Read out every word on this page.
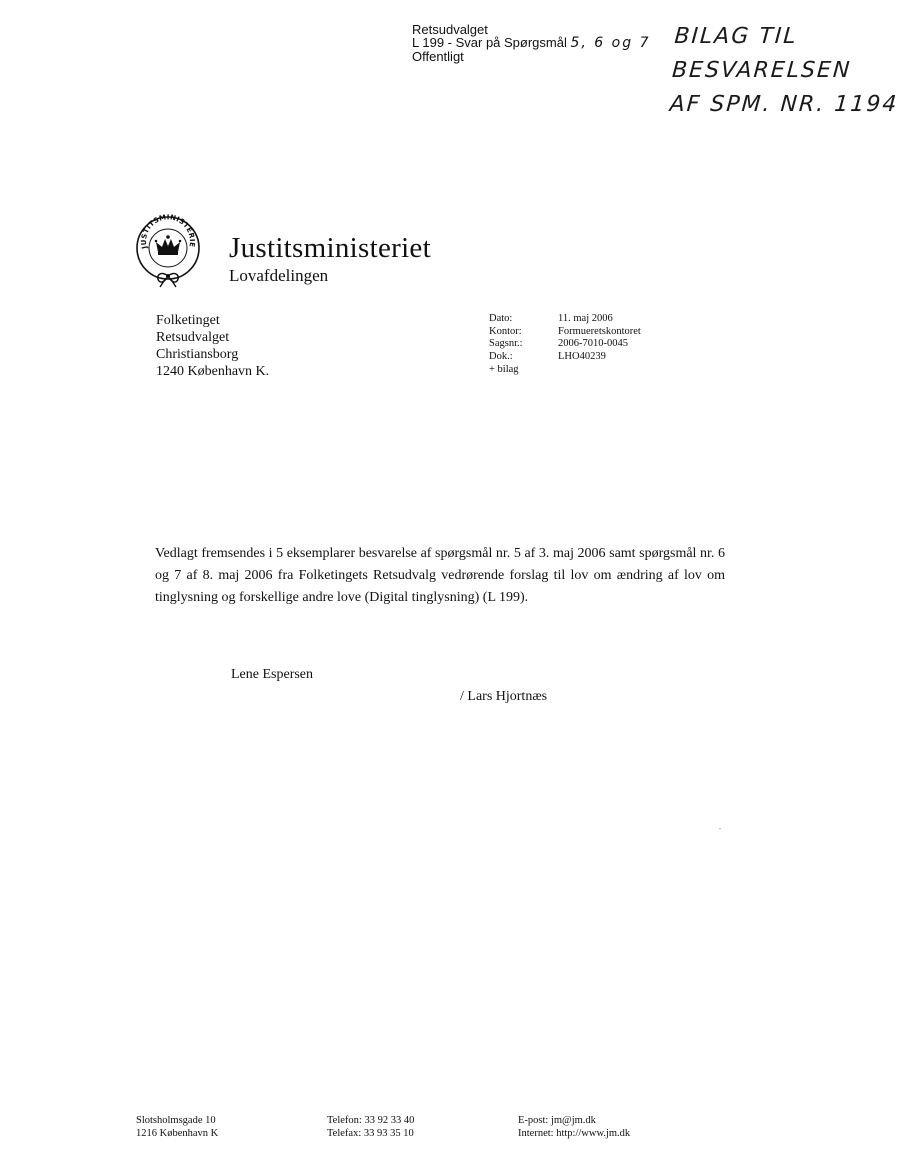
Retsudvalget
L 199 - Svar på Spørgsmål 5, 6 og 7
Offentligt
BILAG TIL
BESVARELSEN
AF SPM. NR. 1194
JUSTITSMINISTERIE Justitsministeriet
Lovafdelingen
Folketinget
Retsudvalget
Christiansborg
1240 København K.
Dato:	11. maj 2006
Kontor:	Formueretskontoret
Sagsnr.:	2006-7010-0045
Dok.:	LHO40239
+ bilag	
Vedlagt fremsendes i 5 eksemplarer besvarelse af spørgsmål nr. 5 af 3. maj 2006 samt spørgsmål nr. 6 og 7 af 8. maj 2006 fra Folketingets Retsudvalg vedrørende forslag til lov om ændring af lov om tinglysning og forskellige andre love (Digital tinglysning) (L 199).
Lene Espersen
/ Lars Hjortnæs
Slotsholmsgade 10
1216 København K
Telefon: 33 92 33 40
Telefax: 33 93 35 10
E-post: jm@jm.dk
Internet: http://www.jm.dk
